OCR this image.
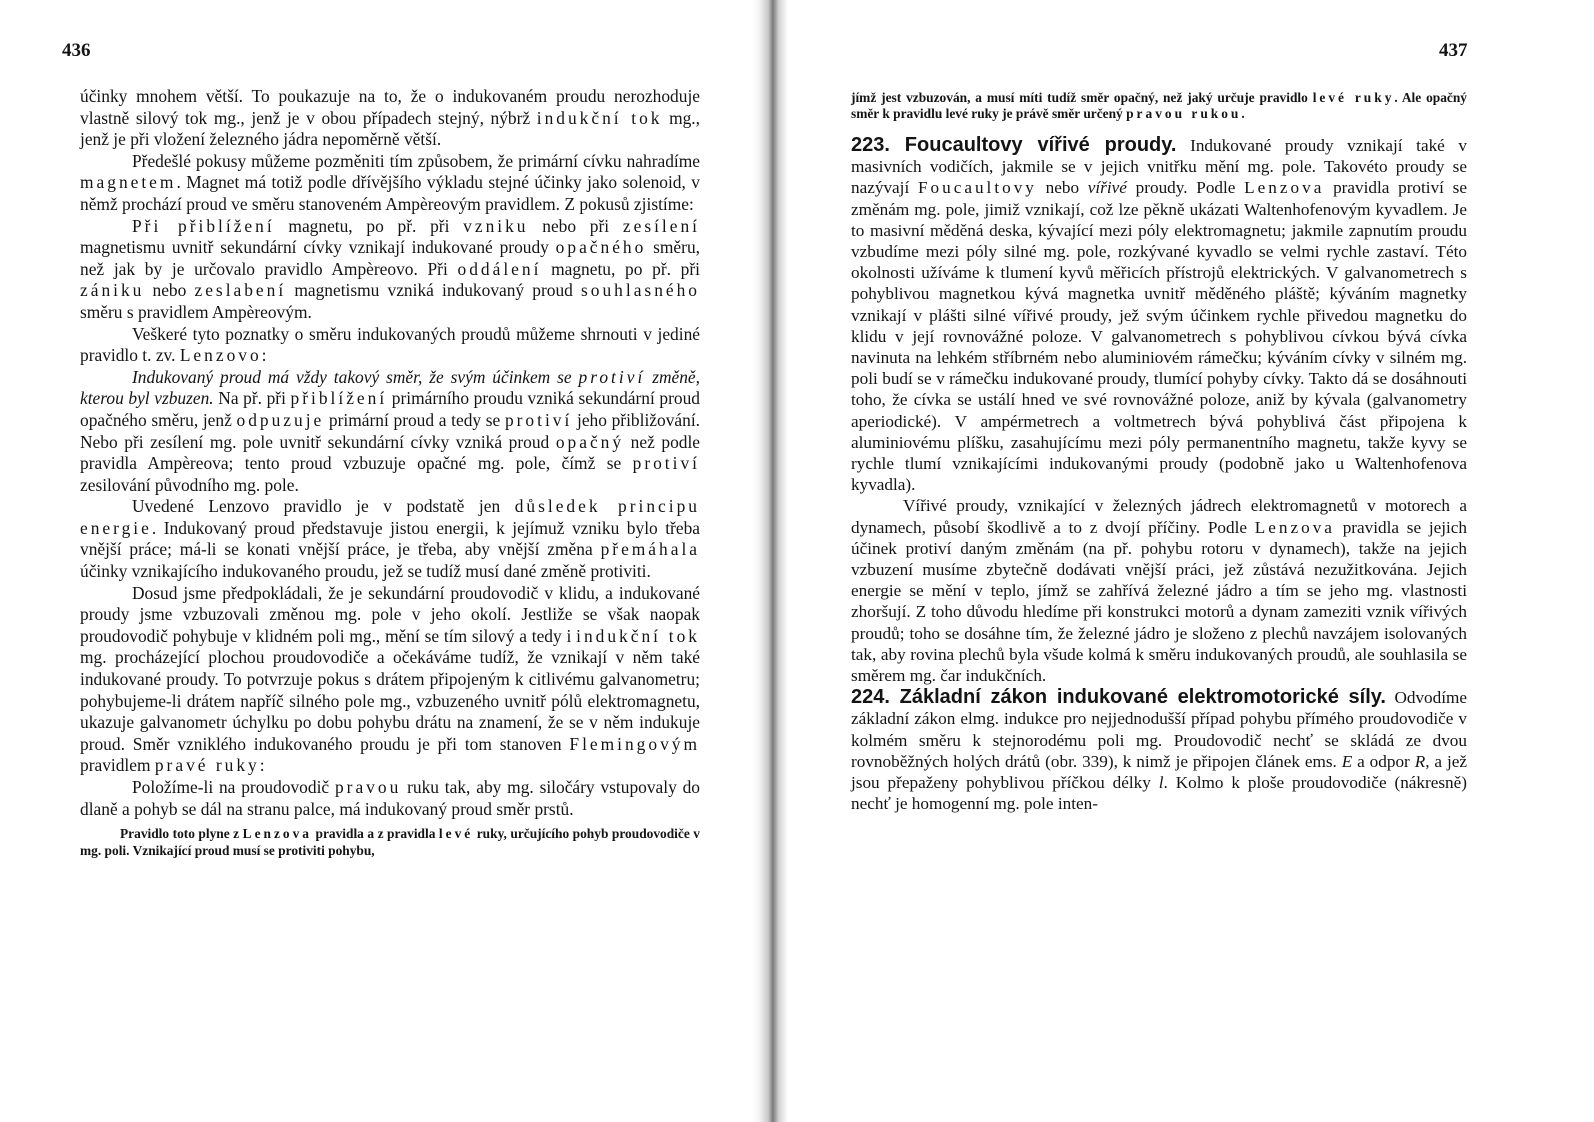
436

účinky mnohem větší. To poukazuje na to, že o indukovaném proudu nerozhoduje vlastně silový tok mg., jenž je v obou případech stejný, nýbrž indukční tok mg., jenž je při vložení železného jádra nepoměrně větší.

Předešlé pokusy můžeme pozměniti tím způsobem, že primární cívku nahradíme magnetem. Magnet má totiž podle dřívějšího výkladu stejné účinky jako solenoid, v němž prochází proud ve směru stanoveném Ampèreovým pravidlem. Z pokusů zjistíme:

Při přiblížení magnetu, po př. při vzniku nebo při zesílení magnetismu uvnitř sekundární cívky vznikají indukované proudy opačného směru, než jak by je určovalo pravidlo Ampèreovo. Při oddálení magnetu, po př. při zániku nebo zeslabení magnetismu vzniká indukovaný proud souhlasného směru s pravidlem Ampèreovým.

Veškeré tyto poznatky o směru indukovaných proudů můžeme shrnouti v jediné pravidlo t. zv. Lenzovo:

Indukovaný proud má vždy takový směr, že svým účinkem se protiví změně, kterou byl vzbuzen. Na př. při přiblížení primárního proudu vzniká sekundární proud opačného směru, jenž odpuzuje primární proud a tedy se protiví jeho přibližování. Nebo při zesílení mg. pole uvnitř sekundární cívky vzniká proud opačný než podle pravidla Ampèreova; tento proud vzbuzuje opačné mg. pole, čímž se protiví zesilování původního mg. pole.

Uvedené Lenzovo pravidlo je v podstatě jen důsledek principu energie. Indukovaný proud představuje jistou energii, k jejímuž vzniku bylo třeba vnější práce; má-li se konati vnější práce, je třeba, aby vnější změna přemáhala účinky vznikajícího indukovaného proudu, jež se tudíž musí dané změně protiviti.

Dosud jsme předpokládali, že je sekundární proudovodič v klidu, a indukované proudy jsme vzbuzovali změnou mg. pole v jeho okolí. Jestliže se však naopak proudovodič pohybuje v klidném poli mg., mění se tím silový a tedy i indukční tok mg. procházející plochou proudovodiče a očekáváme tudíž, že vznikají v něm také indukované proudy. To potvrzuje pokus s drátem připojeným k citlivému galvanometru; pohybujeme-li drátem napříč silného pole mg., vzbuzeného uvnitř pólů elektromagnetu, ukazuje galvanometr úchylku po dobu pohybu drátu na znamení, že se v něm indukuje proud. Směr vzniklého indukovaného proudu je při tom stanoven Flemingovým pravidlem pravé ruky:

Položíme-li na proudovodič pravou ruku tak, aby mg. siločáry vstupovaly do dlaně a pohyb se dál na stranu palce, má indukovaný proud směr prstů.

Pravidlo toto plyne z Lenzova pravidla a z pravidla levé ruky, určujícího pohyb proudovodiče v mg. poli. Vznikající proud musí se protiviti pohybu,

437

jímž jest vzbuzován, a musí míti tudíž směr opačný, než jaký určuje pravidlo levé ruky. Ale opačný směr k pravidlu levé ruky je právě směr určený pravou rukou.

223. Foucaultovy vířivé proudy. Indukované proudy vznikají také v masivních vodičích, jakmile se v jejich vnitřku mění mg. pole. Takovéto proudy se nazývají Foucaultovy nebo vířivé proudy. Podle Lenzova pravidla protiví se změnám mg. pole, jimiž vznikají, což lze pěkně ukázati Waltenhofenovým kyvadlem. Je to masivní měděná deska, kývající mezi póly elektromagnetu; jakmile zapnutím proudu vzbudíme mezi póly silné mg. pole, rozkývané kyvadlo se velmi rychle zastaví. Této okolnosti užíváme k tlumení kyvů měřicích přístrojů elektrických. V galvanometrech s pohyblivou magnetkou kývá magnetka uvnitř měděného pláště; kýváním magnetky vznikají v plášti silné vířivé proudy, jež svým účinkem rychle přivedou magnetku do klidu v její rovnovážné poloze. V galvanometrech s pohyblivou cívkou bývá cívka navinuta na lehkém stříbrném nebo aluminiovém rámečku; kýváním cívky v silném mg. poli budí se v rámečku indukované proudy, tlumící pohyby cívky. Takto dá se dosáhnouti toho, že cívka se ustálí hned ve své rovnovážné poloze, aniž by kývala (galvanometry aperiodické). V ampérmetrech a voltmetrech bývá pohyblivá část připojena k aluminiovému plíšku, zasahujícímu mezi póly permanentního magnetu, takže kyvy se rychle tlumí vznikajícími indukovanými proudy (podobně jako u Waltenhofenova kyvadla).

Vířivé proudy, vznikající v železných jádrech elektromagnetů v motorech a dynamech, působí škodlivě a to z dvojí příčiny. Podle Lenzova pravidla se jejich účinek protiví daným změnám (na př. pohybu rotoru v dynamech), takže na jejich vzbuzení musíme zbytečně dodávati vnější práci, jež zůstává nezužitkována. Jejich energie se mění v teplo, jímž se zahřívá železné jádro a tím se jeho mg. vlastnosti zhoršují. Z toho důvodu hledíme při konstrukci motorů a dynam zameziti vznik vířivých proudů; toho se dosáhne tím, že železné jádro je složeno z plechů navzájem isolovaných tak, aby rovina plechů byla všude kolmá k směru indukovaných proudů, ale souhlasila se směrem mg. čar indukčních.

224. Základní zákon indukované elektromotorické síly. Odvodíme základní zákon elmg. indukce pro nejjednodušší případ pohybu přímého proudovodiče v kolmém směru k stejnorodému poli mg. Proudovodič nechť se skládá ze dvou rovnoběžných holých drátů (obr. 339), k nimž je připojen článek ems. E a odpor R, a jež jsou přepaženy pohyblivou příčkou délky l. Kolmo k ploše proudovodiče (nákresně) nechť je homogenní mg. pole inten-
